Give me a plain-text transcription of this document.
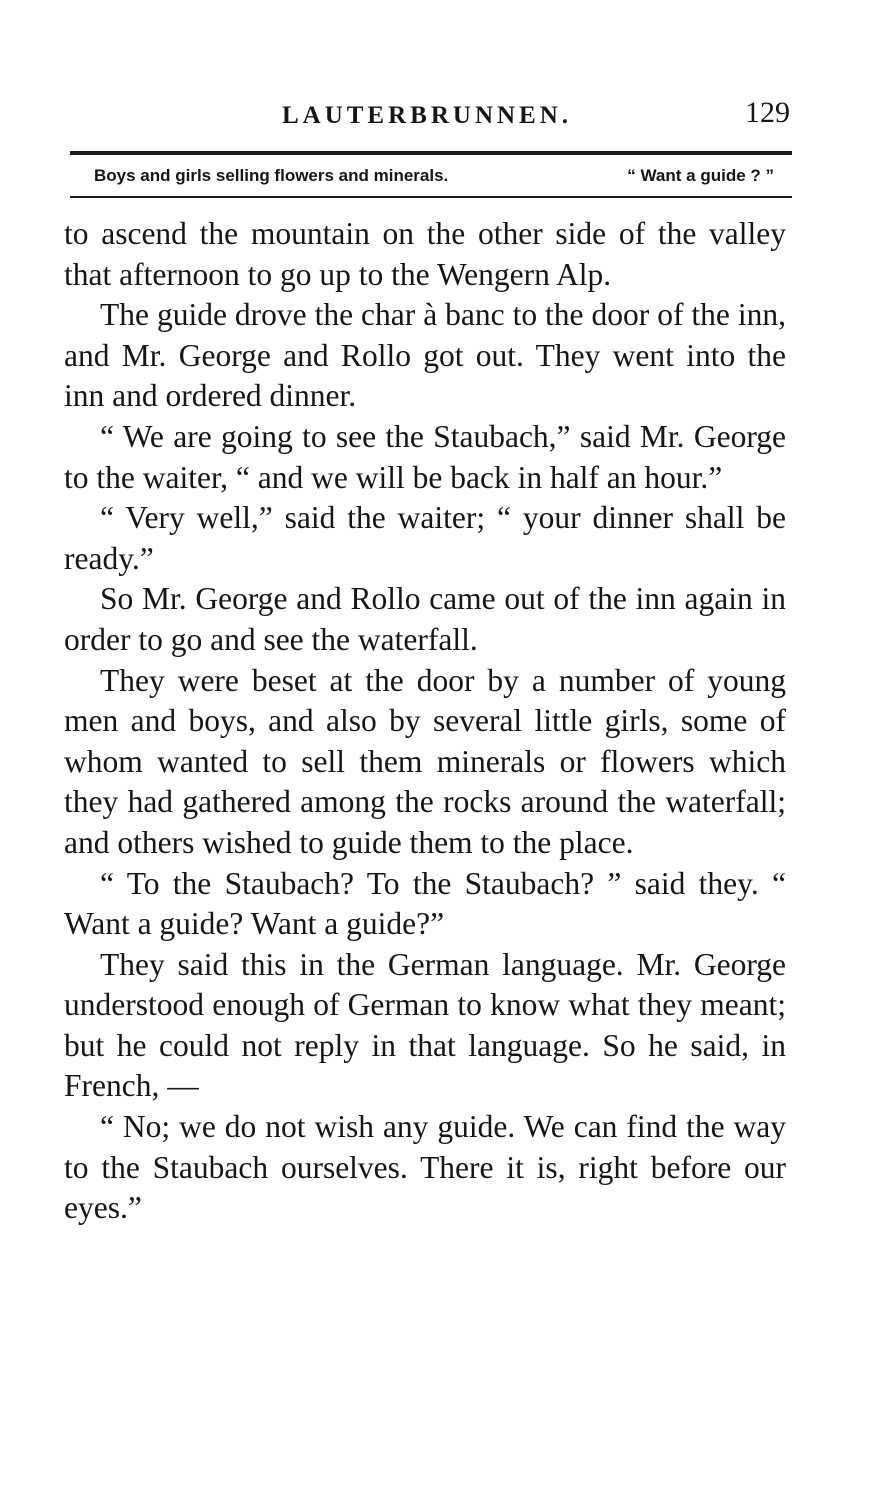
LAUTERBRUNNEN.	129
Boys and girls selling flowers and minerals.	“ Want a guide ? ”

to ascend the mountain on the other side of the valley that afternoon to go up to the Wengern Alp.

The guide drove the char à banc to the door of the inn, and Mr. George and Rollo got out. They went into the inn and ordered dinner.

“ We are going to see the Staubach,” said Mr. George to the waiter, “ and we will be back in half an hour.”

“ Very well,” said the waiter; “ your dinner shall be ready.”

So Mr. George and Rollo came out of the inn again in order to go and see the waterfall.

They were beset at the door by a number of young men and boys, and also by several little girls, some of whom wanted to sell them minerals or flowers which they had gathered among the rocks around the waterfall; and others wished to guide them to the place.

“ To the Staubach? To the Staubach? ” said they. “ Want a guide? Want a guide?”

They said this in the German language. Mr. George understood enough of German to know what they meant; but he could not reply in that language. So he said, in French, —

“ No; we do not wish any guide. We can find the way to the Staubach ourselves. There it is, right before our eyes.”
